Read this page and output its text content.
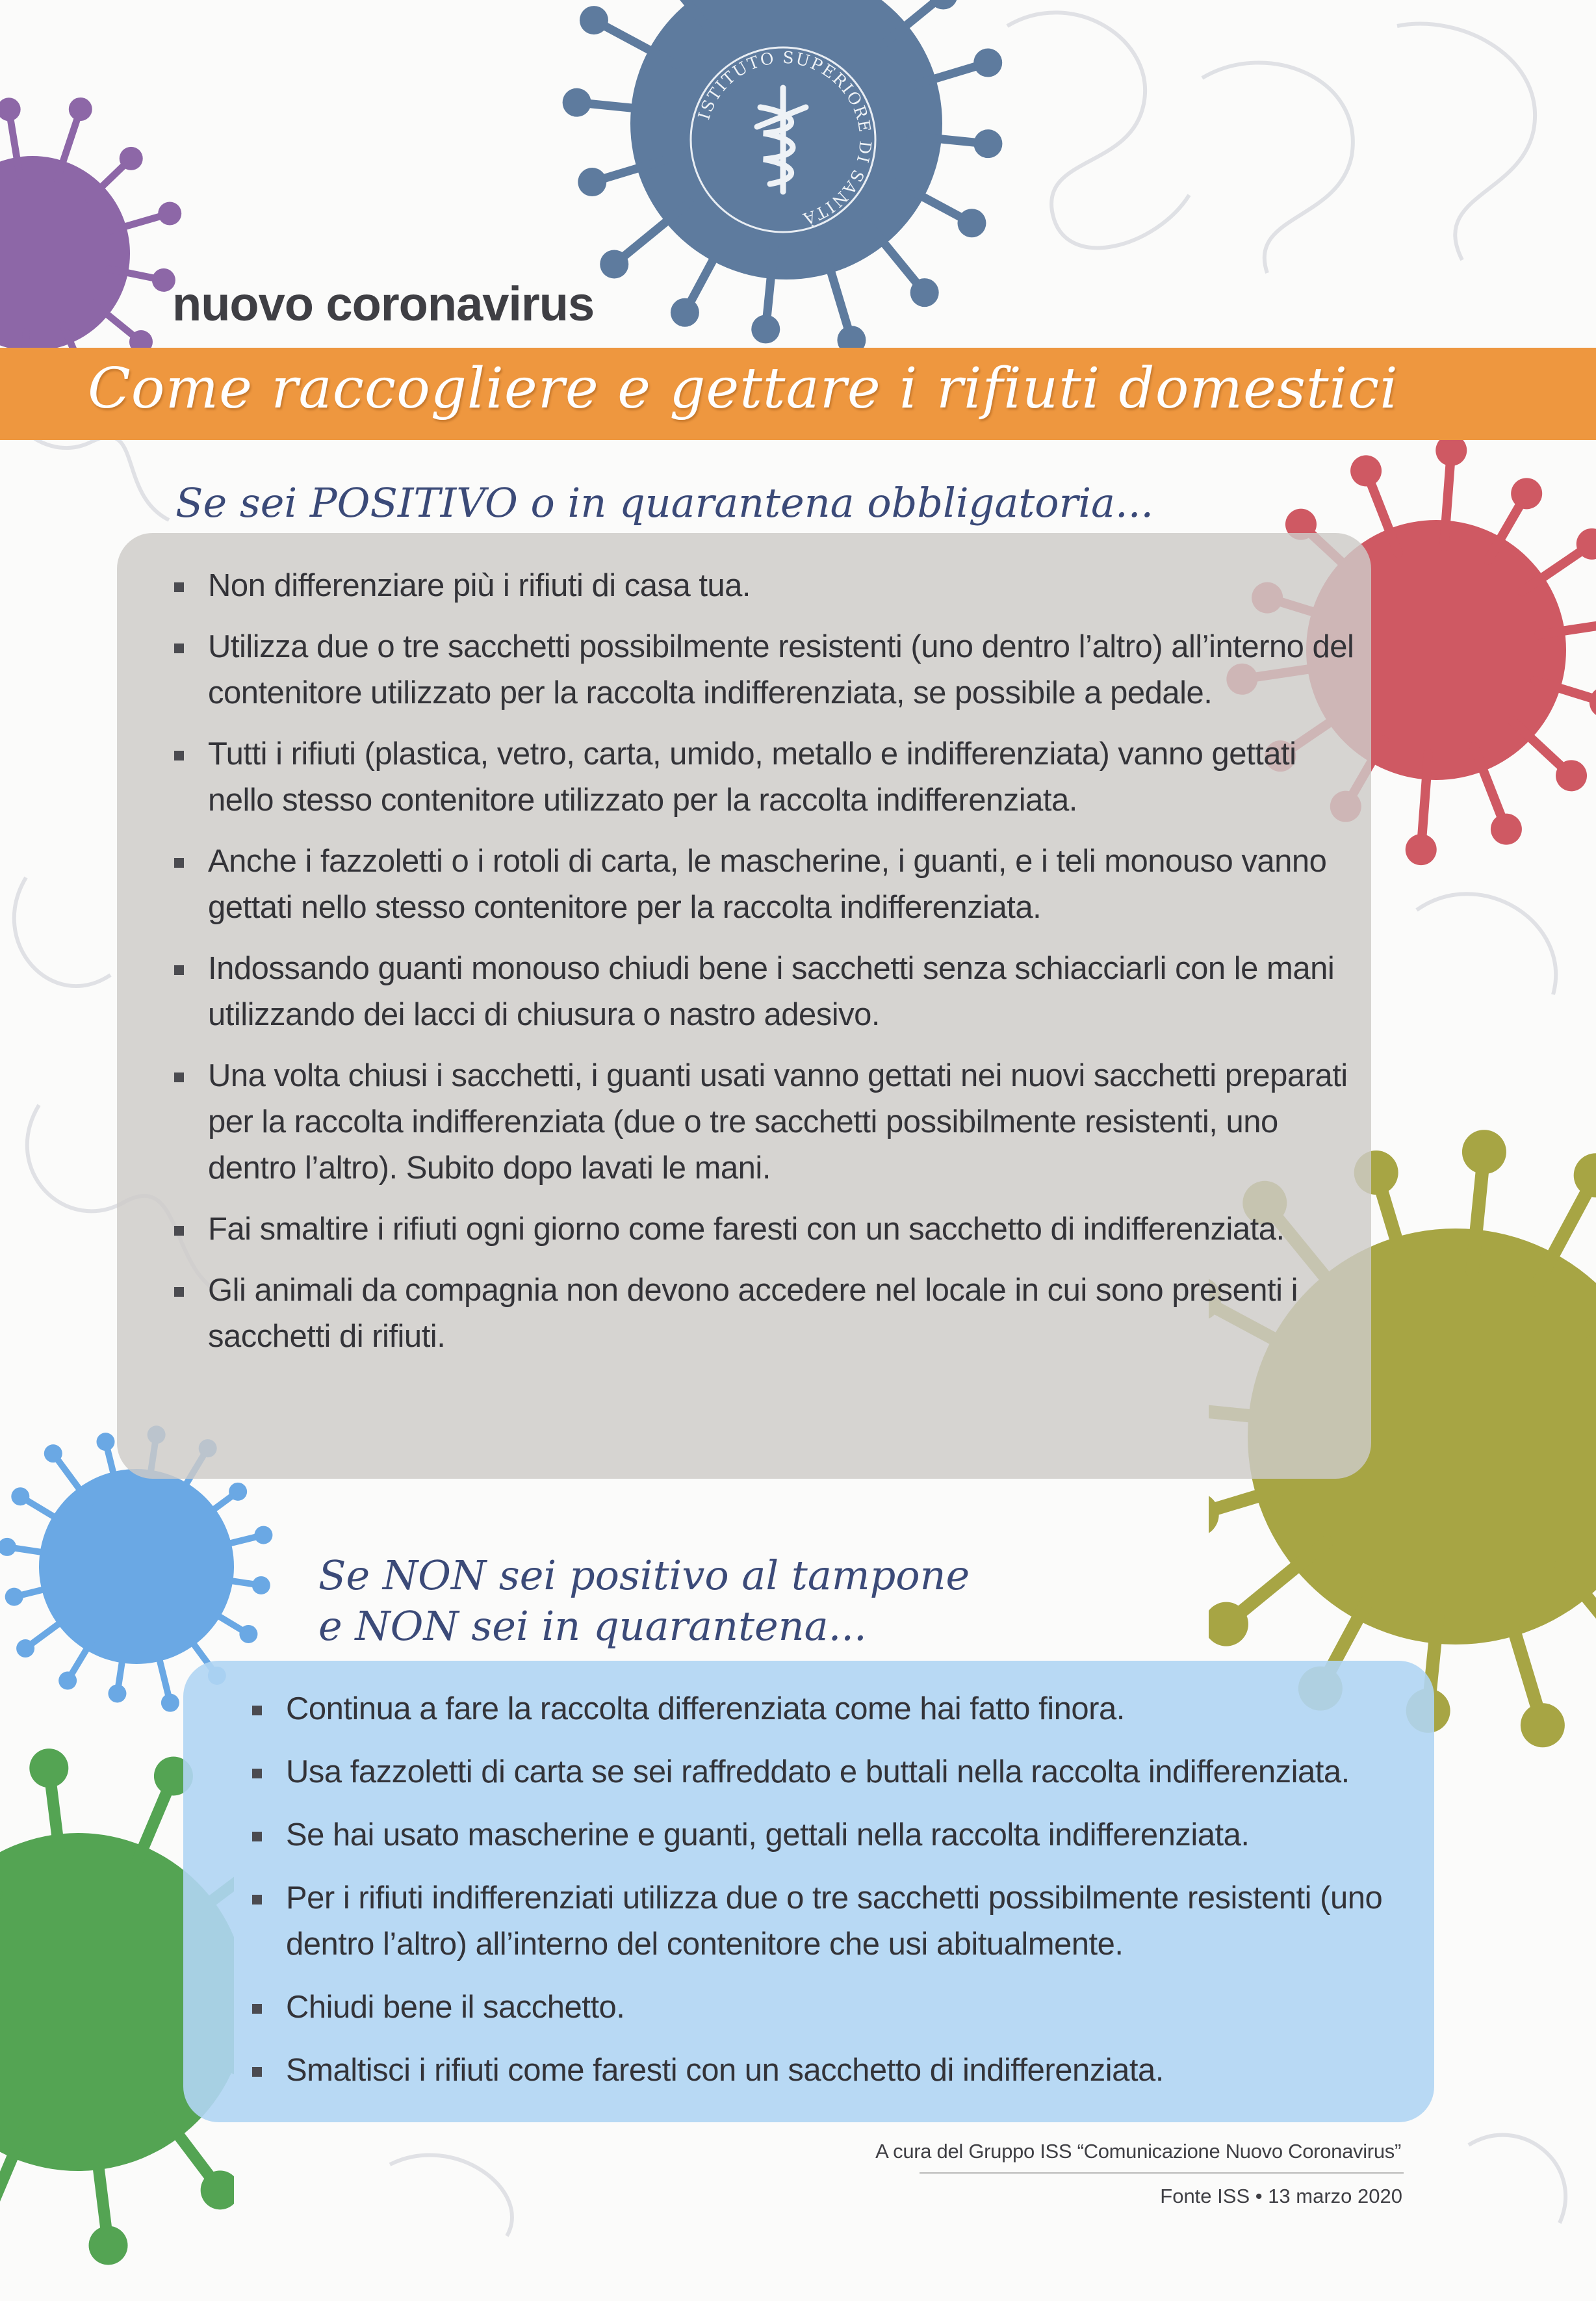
ISTITUTO SUPERIORE DI SANITÀ
nuovo coronavirus
Come raccogliere e gettare i rifiuti domestici
Se sei POSITIVO o in quarantena obbligatoria...
Non differenziare più i rifiuti di casa tua.
Utilizza due o tre sacchetti possibilmente resistenti (uno dentro l’altro) all’interno del contenitore utilizzato per la raccolta indifferenziata, se possibile a pedale.
Tutti i rifiuti (plastica, vetro, carta, umido, metallo e indifferenziata) vanno gettati nello stesso contenitore utilizzato per la raccolta indifferenziata.
Anche i fazzoletti o i rotoli di carta, le mascherine, i guanti, e i teli monouso vanno gettati nello stesso contenitore per la raccolta indifferenziata.
Indossando guanti monouso chiudi bene i sacchetti senza schiacciarli con le mani utilizzando dei lacci di chiusura o nastro adesivo.
Una volta chiusi i sacchetti, i guanti usati vanno gettati nei nuovi sacchetti preparati per la raccolta indifferenziata (due o tre sacchetti possibilmente resistenti, uno dentro l’altro). Subito dopo lavati le mani.
Fai smaltire i rifiuti ogni giorno come faresti con un sacchetto di indifferenziata.
Gli animali da compagnia non devono accedere nel locale in cui sono presenti i sacchetti di rifiuti.
Se NON sei positivo al tampone
e NON sei in quarantena...
Continua a fare la raccolta differenziata come hai fatto finora.
Usa fazzoletti di carta se sei raffreddato e buttali nella raccolta indifferenziata.
Se hai usato mascherine e guanti, gettali nella raccolta indifferenziata.
Per i rifiuti indifferenziati utilizza due o tre sacchetti possibilmente resistenti (uno dentro l’altro) all’interno del contenitore che usi abitualmente.
Chiudi bene il sacchetto.
Smaltisci i rifiuti come faresti con un sacchetto di indifferenziata.
A cura del Gruppo ISS “Comunicazione Nuovo Coronavirus”
Fonte ISS • 13 marzo 2020
